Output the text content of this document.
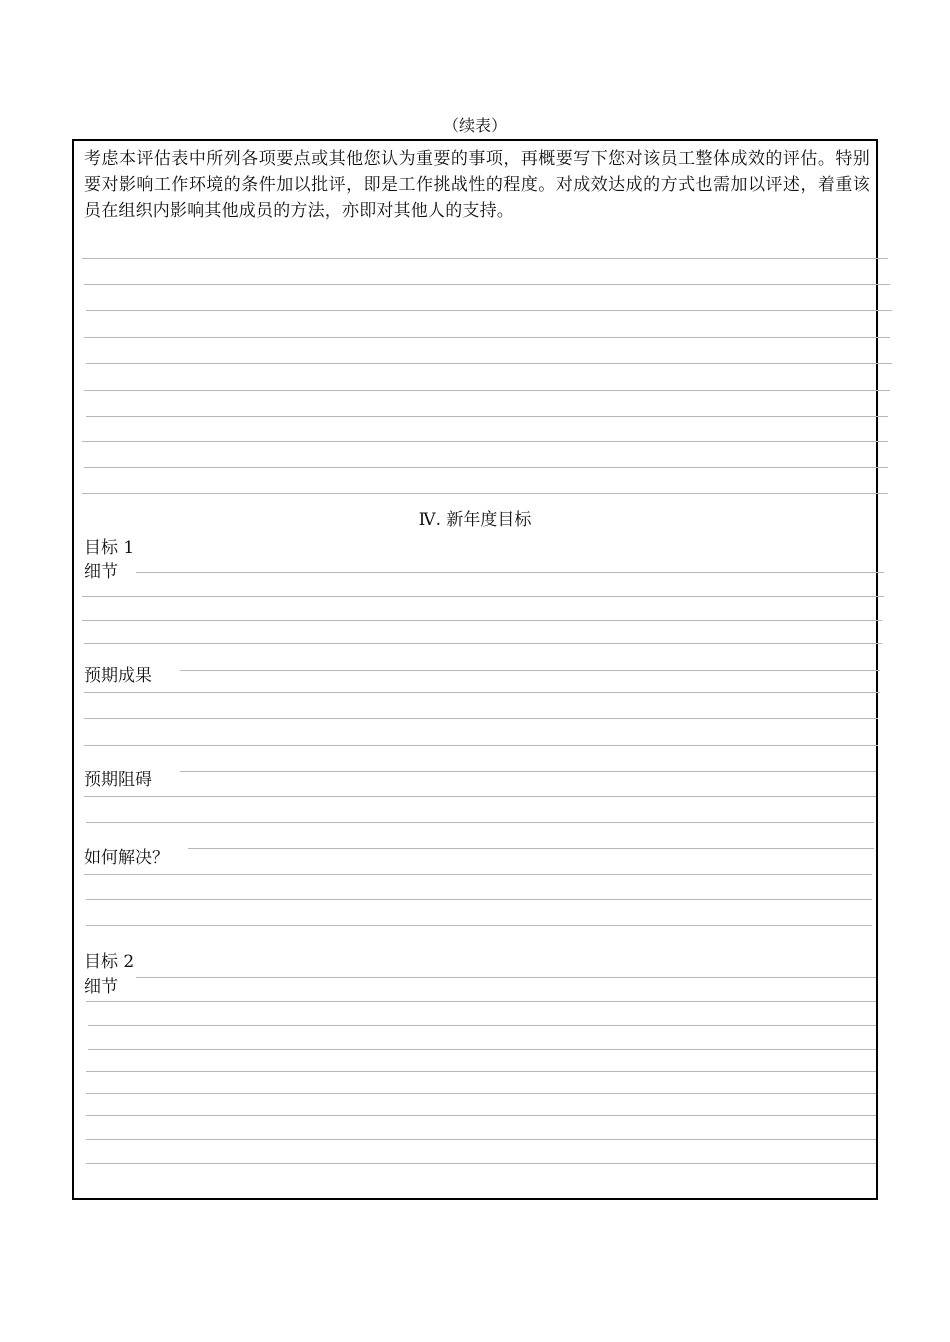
（续表）
考虑本评估表中所列各项要点或其他您认为重要的事项，再概要写下您对该员工整体成效的评估。特别要对影响工作环境的条件加以批评，即是工作挑战性的程度。对成效达成的方式也需加以评述，着重该员在组织内影响其他成员的方法，亦即对其他人的支持。
Ⅳ. 新年度目标
目标 1
细节
预期成果
预期阻碍
如何解决？
目标 2
细节
